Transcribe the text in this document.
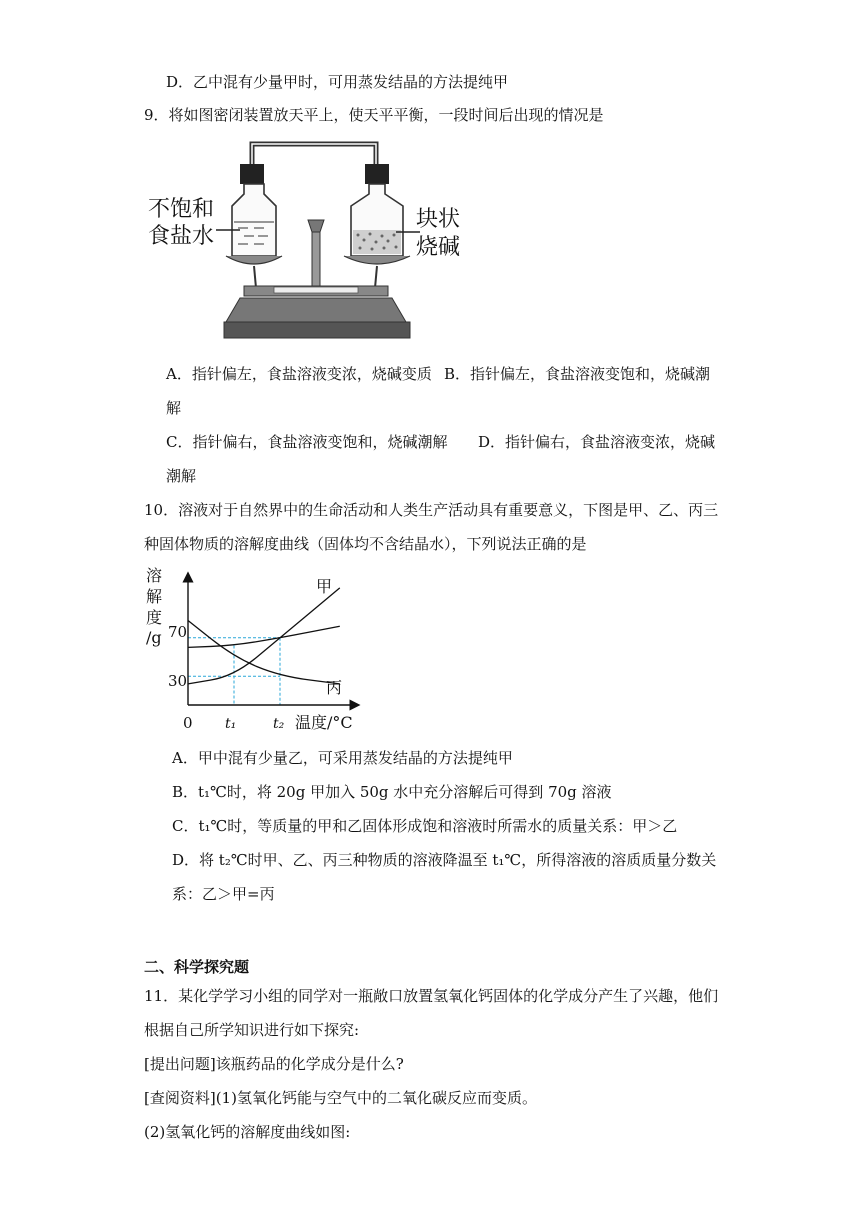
D．乙中混有少量甲时，可用蒸发结晶的方法提纯甲
9．将如图密闭装置放天平上，使天平平衡，一段时间后出现的情况是
不饱和
食盐水
块状
烧碱
A．指针偏左，食盐溶液变浓，烧碱变质 B．指针偏左，食盐溶液变饱和，烧碱潮
解
C．指针偏右，食盐溶液变饱和，烧碱潮解 D．指针偏右，食盐溶液变浓，烧碱
潮解
10．溶液对于自然界中的生命活动和人类生产活动具有重要意义，下图是甲、乙、丙三
种固体物质的溶解度曲线（固体均不含结晶水），下列说法正确的是
溶
解
度
/g 70
30
0 t₁	t₂ 温度/°C
甲
丙
A．甲中混有少量乙，可采用蒸发结晶的方法提纯甲
B．t₁℃时，将 20g 甲加入 50g 水中充分溶解后可得到 70g 溶液
C．t₁℃时，等质量的甲和乙固体形成饱和溶液时所需水的质量关系：甲＞乙
D．将 t₂℃时甲、乙、丙三种物质的溶液降温至 t₁℃，所得溶液的溶质质量分数关
系：乙＞甲=丙
二、科学探究题
11．某化学学习小组的同学对一瓶敞口放置氢氧化钙固体的化学成分产生了兴趣，他们
根据自己所学知识进行如下探究:
[提出问题]该瓶药品的化学成分是什么?
[查阅资料](1)氢氧化钙能与空气中的二氧化碳反应而变质。
(2)氢氧化钙的溶解度曲线如图:
